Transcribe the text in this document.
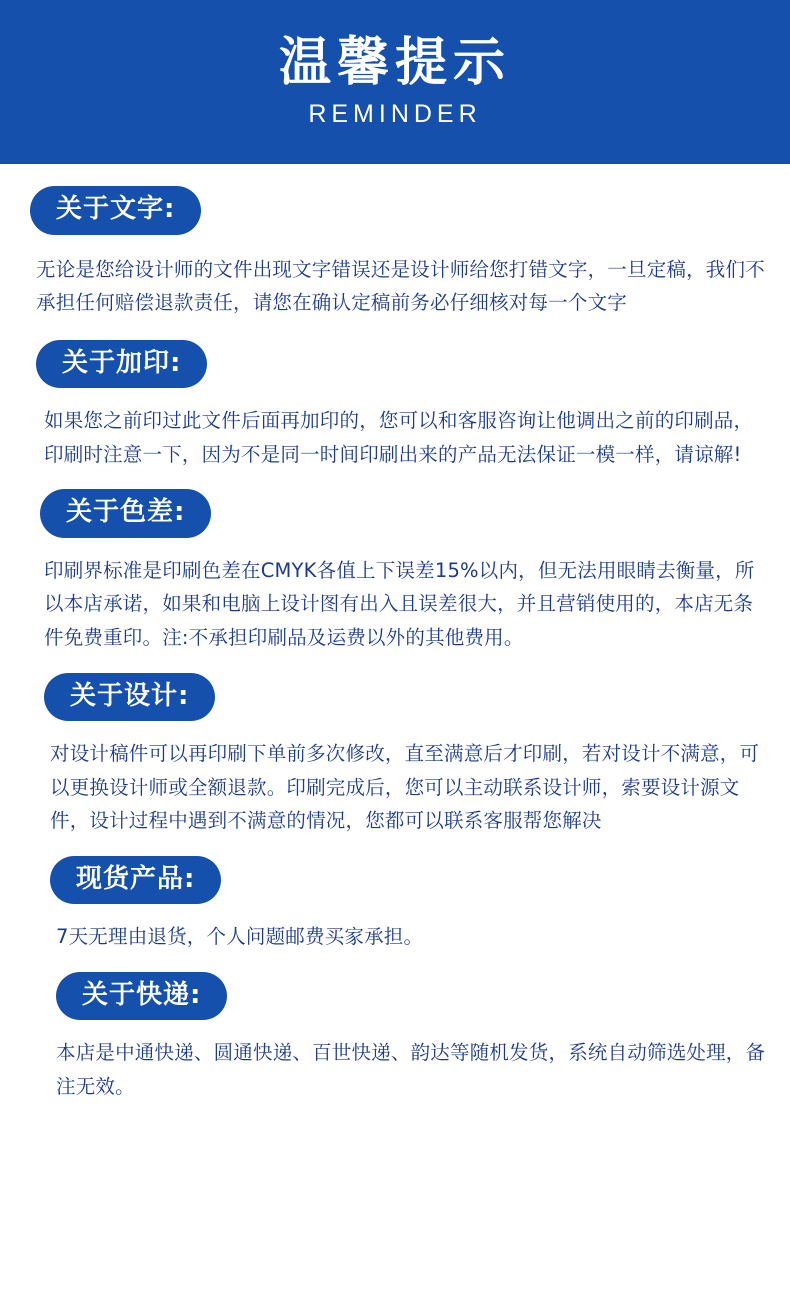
温馨提示
REMINDER
关于文字:
无论是您给设计师的文件出现文字错误还是设计师给您打错文字，一旦定稿，我们不承担任何赔偿退款责任，请您在确认定稿前务必仔细核对每一个文字
关于加印:
如果您之前印过此文件后面再加印的，您可以和客服咨询让他调出之前的印刷品，印刷时注意一下，因为不是同一时间印刷出来的产品无法保证一模一样，请谅解!
关于色差:
印刷界标准是印刷色差在CMYK各值上下误差15%以内，但无法用眼睛去衡量，所以本店承诺，如果和电脑上设计图有出入且误差很大，并且营销使用的，本店无条件免费重印。注:不承担印刷品及运费以外的其他费用。
关于设计:
对设计稿件可以再印刷下单前多次修改，直至满意后才印刷，若对设计不满意，可以更换设计师或全额退款。印刷完成后，您可以主动联系设计师，索要设计源文件，设计过程中遇到不满意的情况，您都可以联系客服帮您解决
现货产品:
7天无理由退货，个人问题邮费买家承担。
关于快递:
本店是中通快递、圆通快递、百世快递、韵达等随机发货，系统自动筛选处理，备注无效。
